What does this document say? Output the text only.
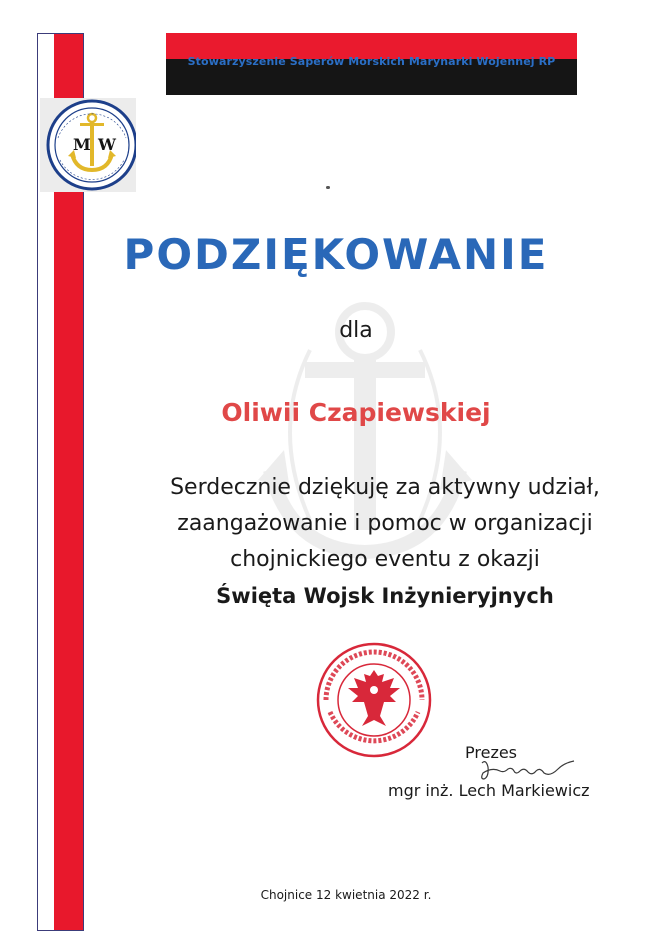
Stowarzyszenie Saperów Morskich Marynarki Wojennej RP
M W
PODZIĘKOWANIE
dla
Oliwii Czapiewskiej
Serdecznie dziękuję za aktywny udział,
zaangażowanie i pomoc w organizacji
chojnickiego eventu z okazji
Święta Wojsk Inżynieryjnych
Prezes
mgr inż. Lech Markiewicz
Chojnice 12 kwietnia 2022 r.
